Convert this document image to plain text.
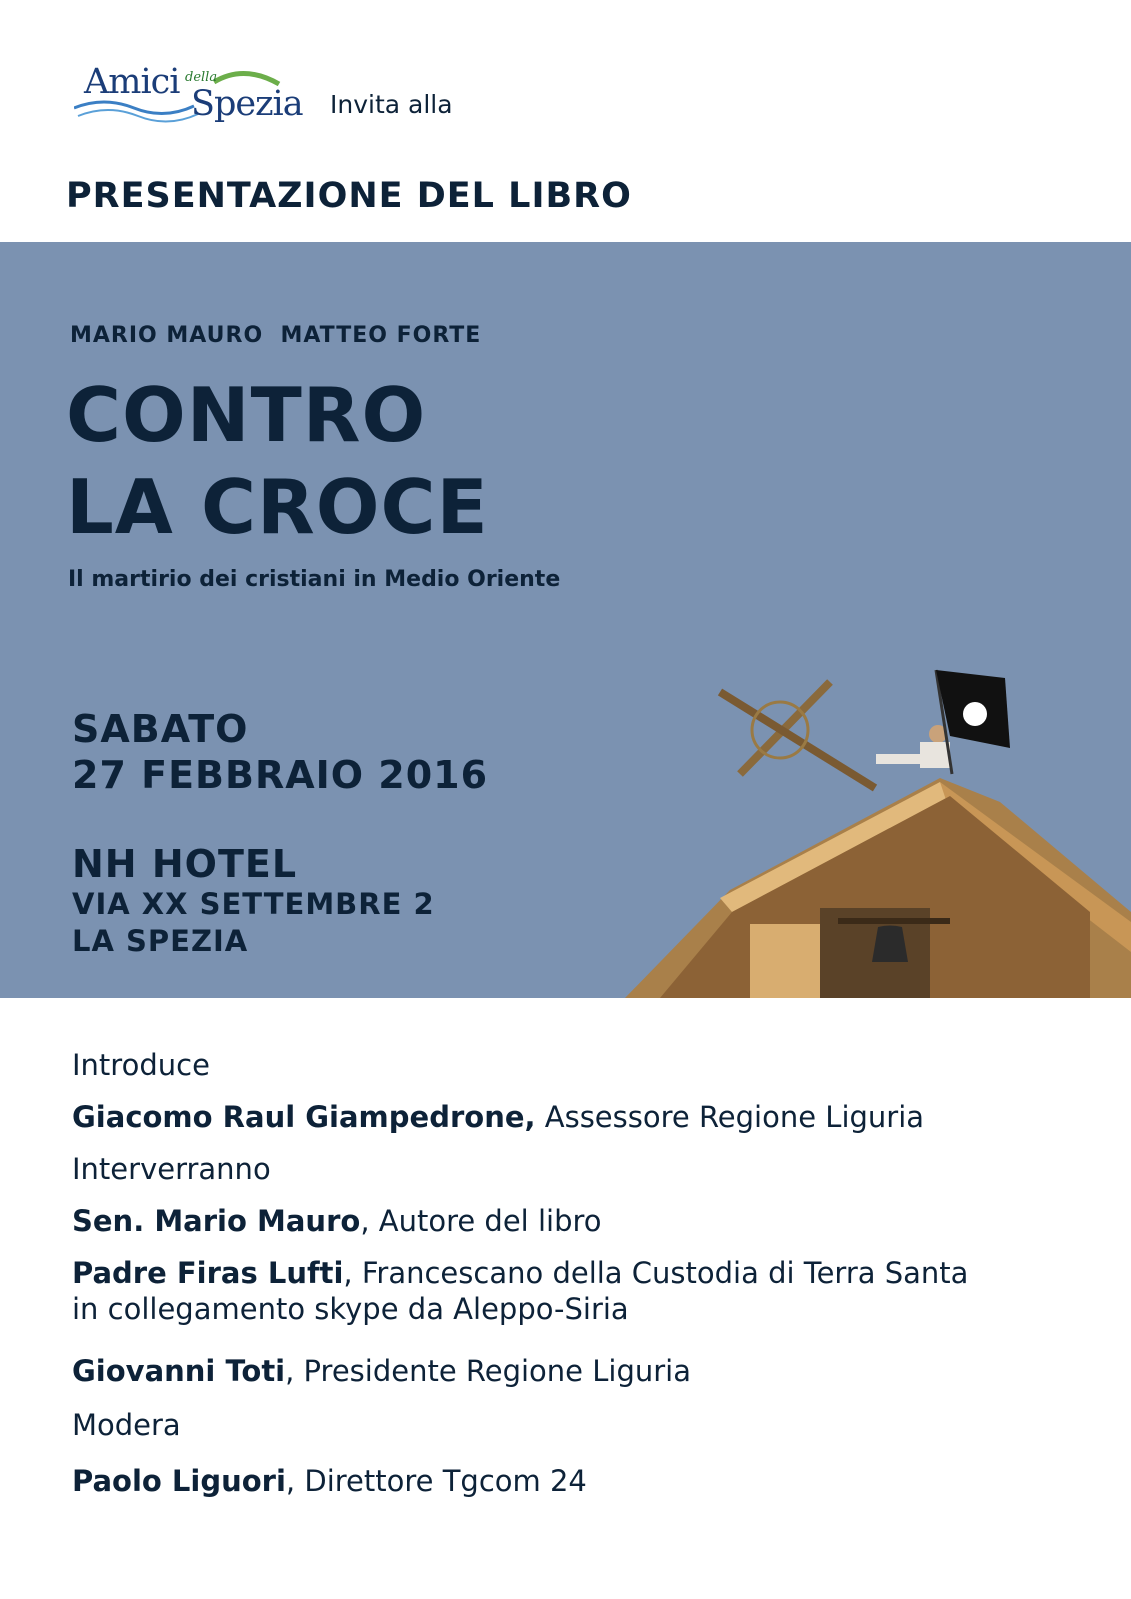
Amici della
Spezia Invita alla
PRESENTAZIONE DEL LIBRO
MARIO MAURO  MATTEO FORTE
CONTRO
LA CROCE
Il martirio dei cristiani in Medio Oriente
SABATO
27 FEBBRAIO 2016
NH HOTEL
VIA XX SETTEMBRE 2
LA SPEZIA
Introduce
Giacomo Raul Giampedrone, Assessore Regione Liguria
Interverranno
Sen. Mario Mauro, Autore del libro
Padre Firas Lufti, Francescano della Custodia di Terra Santa
in collegamento skype da Aleppo-Siria
Giovanni Toti, Presidente Regione Liguria
Modera
Paolo Liguori, Direttore Tgcom 24
